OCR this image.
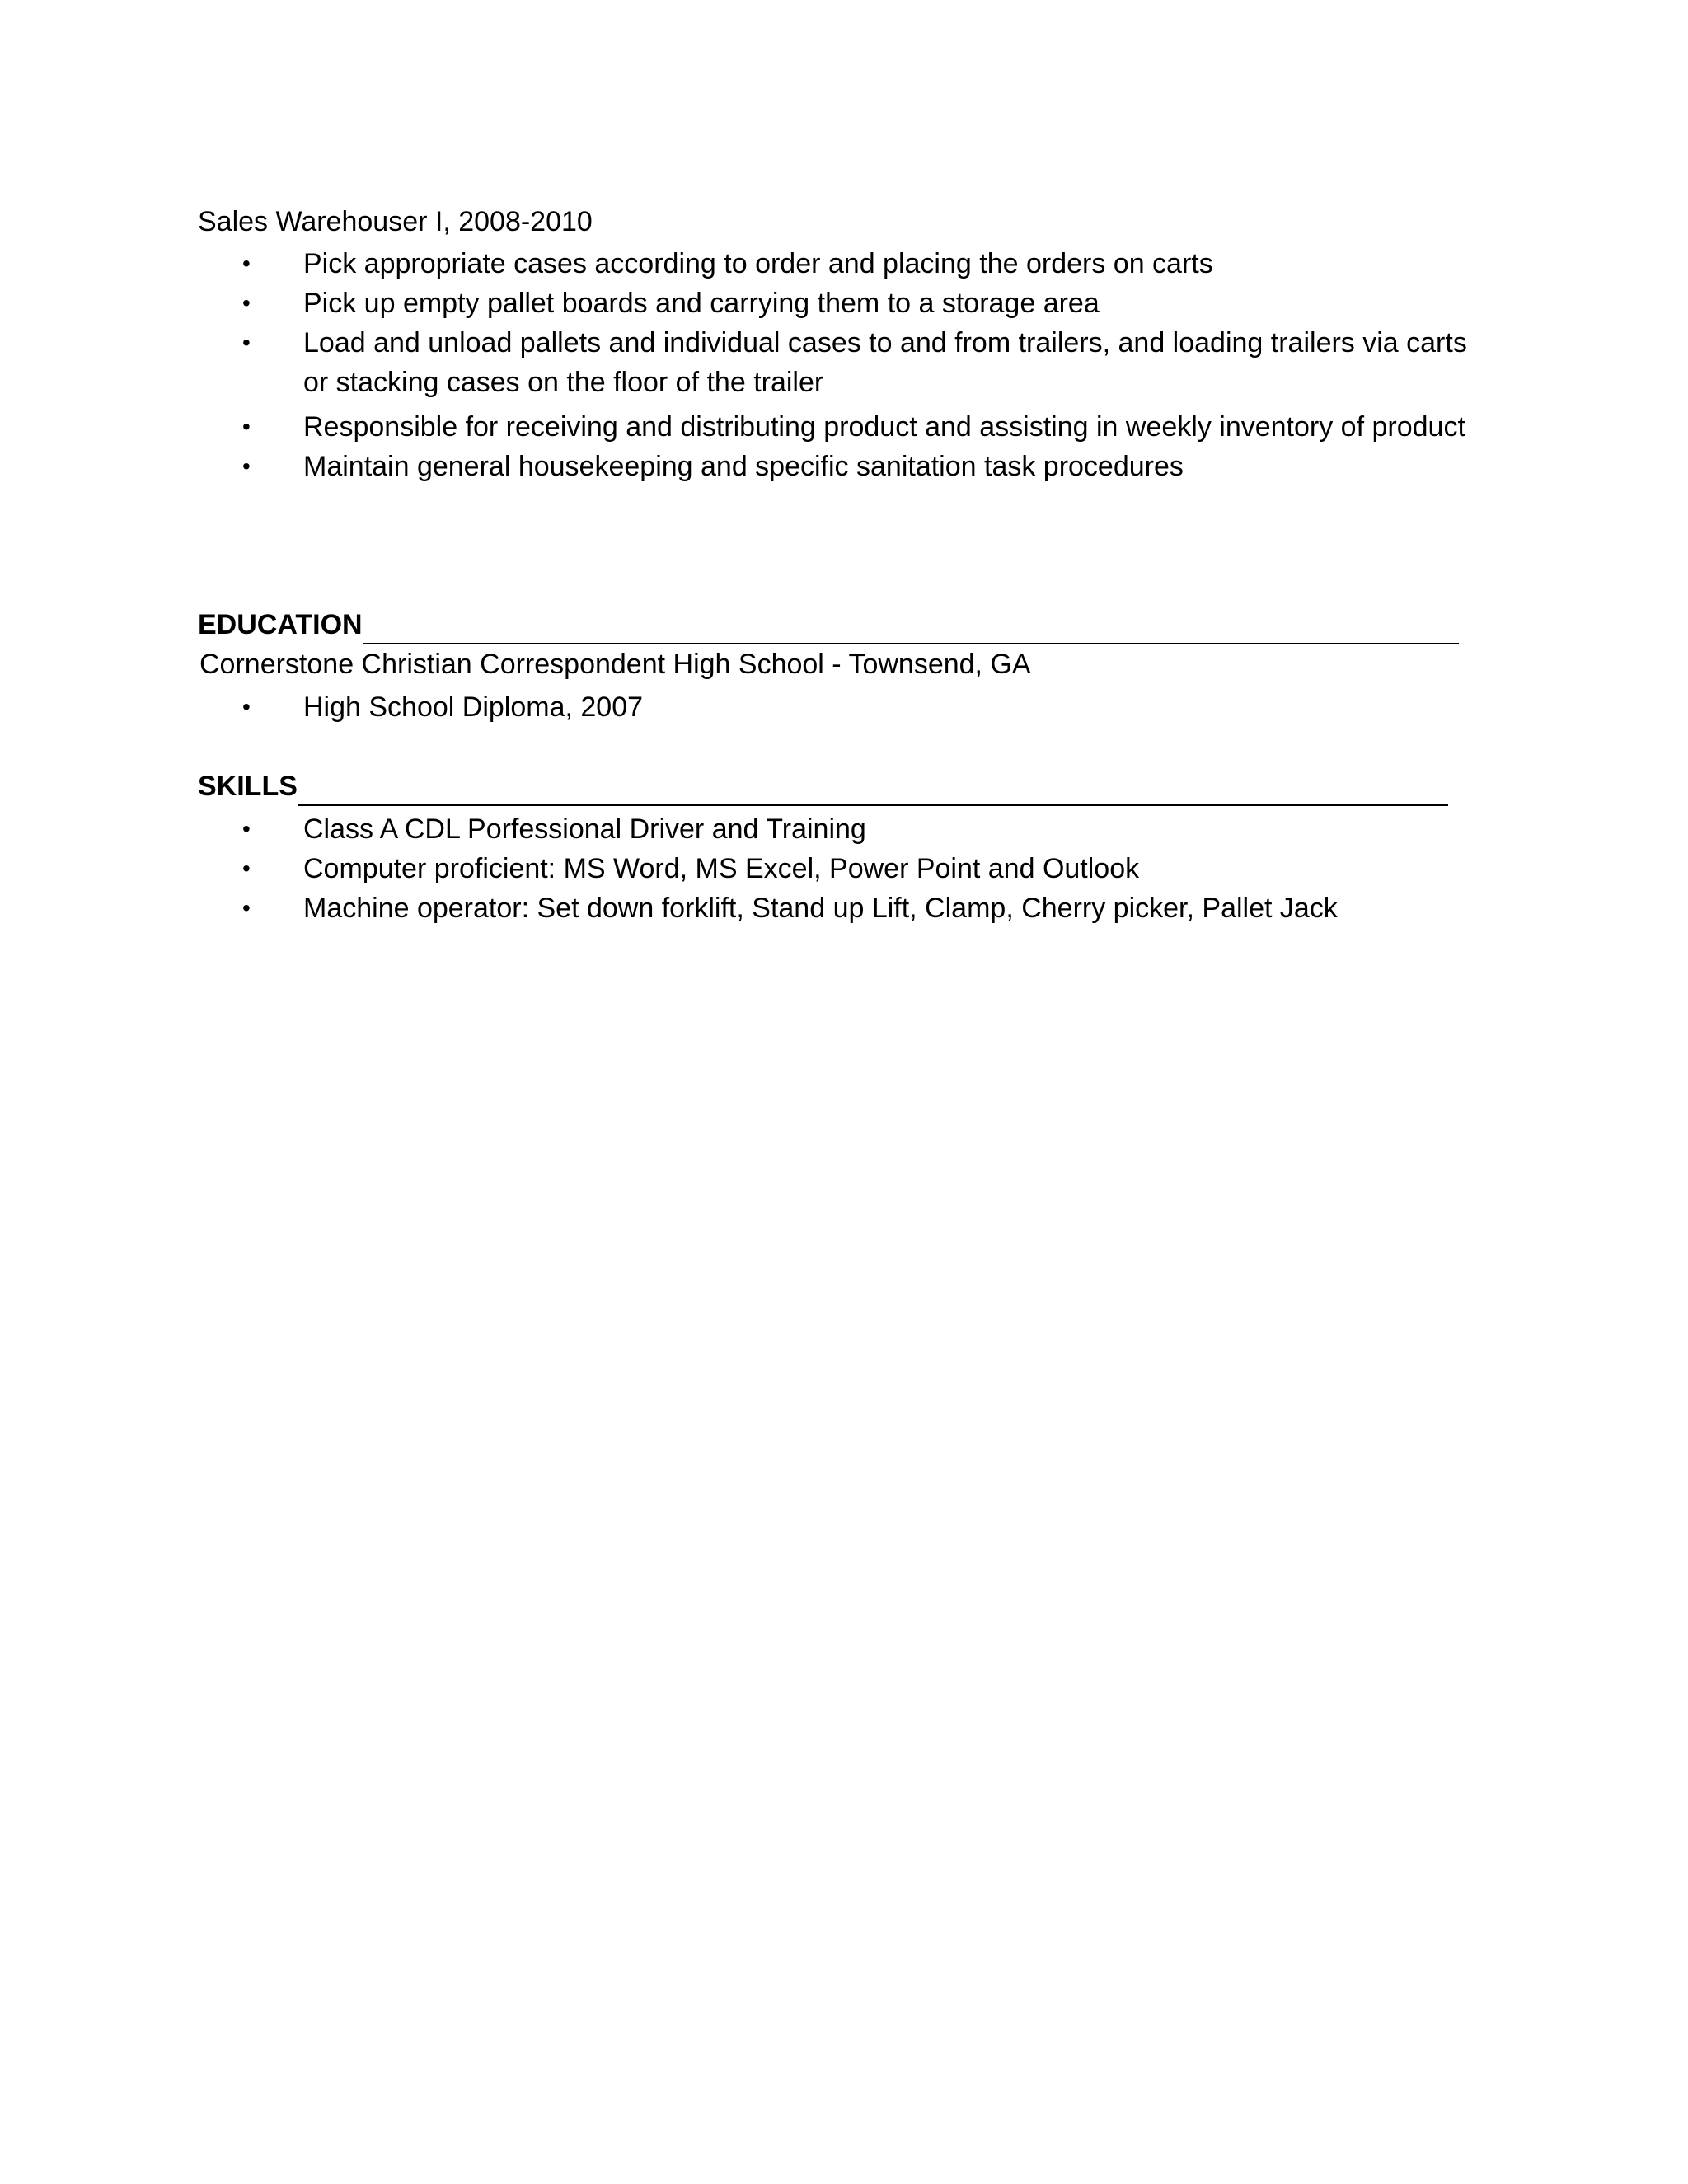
Sales Warehouser I, 2008-2010
• Pick appropriate cases according to order and placing the orders on carts
• Pick up empty pallet boards and carrying them to a storage area
• Load and unload pallets and individual cases to and from trailers, and loading trailers via carts or stacking cases on the floor of the trailer
• Responsible for receiving and distributing product and assisting in weekly inventory of product
• Maintain general housekeeping and specific sanitation task procedures
EDUCATION
Cornerstone Christian Correspondent High School - Townsend, GA
• High School Diploma, 2007
SKILLS
• Class A CDL Porfessional Driver and Training
• Computer proficient: MS Word, MS Excel, Power Point and Outlook
• Machine operator: Set down forklift, Stand up Lift, Clamp, Cherry picker, Pallet Jack
